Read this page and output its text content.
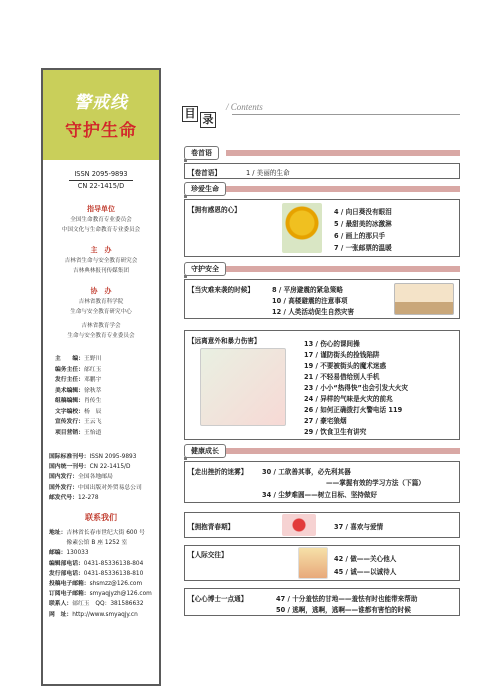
警戒线
守护生命
ISSN 2095-9893
CN 22-1415/D
指导单位
全国生命教育专业委员会
中国文化与生命教育专业委员会
主　办
吉林省生命与安全教育研究会
吉林典林报刊传媒集团
协　办
吉林省教育科学院
生命与安全教育研究中心
吉林省教育学会
生命与安全教育专业委员会
主　　编：王野川
编务主任：邰红玉
发行主任：邓鹏宇
美术编辑：徐秋萃
组稿编辑：肖传生
文字编校：杨　辰
宣传发行：王云飞
项目营销：王怡道
国际标准刊号：ISSN 2095-9893
国内统一刊号：CN 22-1415/D
国内发行：全国各地邮局
国外发行：中国出版对外贸易总公司
邮发代号：12-278
联系我们
地址：吉林省长春市世纪大街 600 号
　　　像素公馆 B 座 1252 室
邮编：130033
编辑部电话：0431-85336138-804
发行部电话：0431-85336138-810
投稿电子邮箱：shsmzz@126.com
订阅电子邮箱：smyaqjyzh@126.com
联系人：邰红玉　QQ：381586632
网　址：http://www.smyaqjy.cn
目 录
/ Contents
卷首语
【卷首语】	1 / 美丽的生命
珍爱生命
【拥有感恩的心】	4 / 向日葵没有眼泪
5 / 最甜美的冰激淋
6 / 画上的那只手
7 / 一张邮票的温暖
守护安全
【当灾难来袭的时候】	8 / 平房避震的紧急策略
10 / 高楼避震的注意事项
12 / 人类活动促生自然灾害
【远离意外和暴力伤害】	13 / 伤心的课间操
17 / 谨防街头的捡钱陷阱
19 / 不要被街头的魔术迷惑
21 / 不轻易借给别人手机
23 / 小小“热得快”也会引发大火灾
24 / 异样的气味是火灾的前兆
26 / 如何正确拨打火警电话 119
27 / 豪宅狼烟
29 / 饮食卫生有讲究
健康成长
【走出挫折的迷雾】 30 / 工欲善其事，必先利其器
——掌握有效的学习方法（下篇）
34 / 尘梦难圆——树立目标、坚持做好
【拥抱青春期】	37 / 喜欢与爱情
【人际交往】	42 / 做——关心他人
45 / 诚——以诚待人
【心心博士一点通】	47 / 十分羞怯的甘地——羞怯有时也能带来帮助
50 / 逃啊，逃啊，逃啊——谁都有害怕的时候
